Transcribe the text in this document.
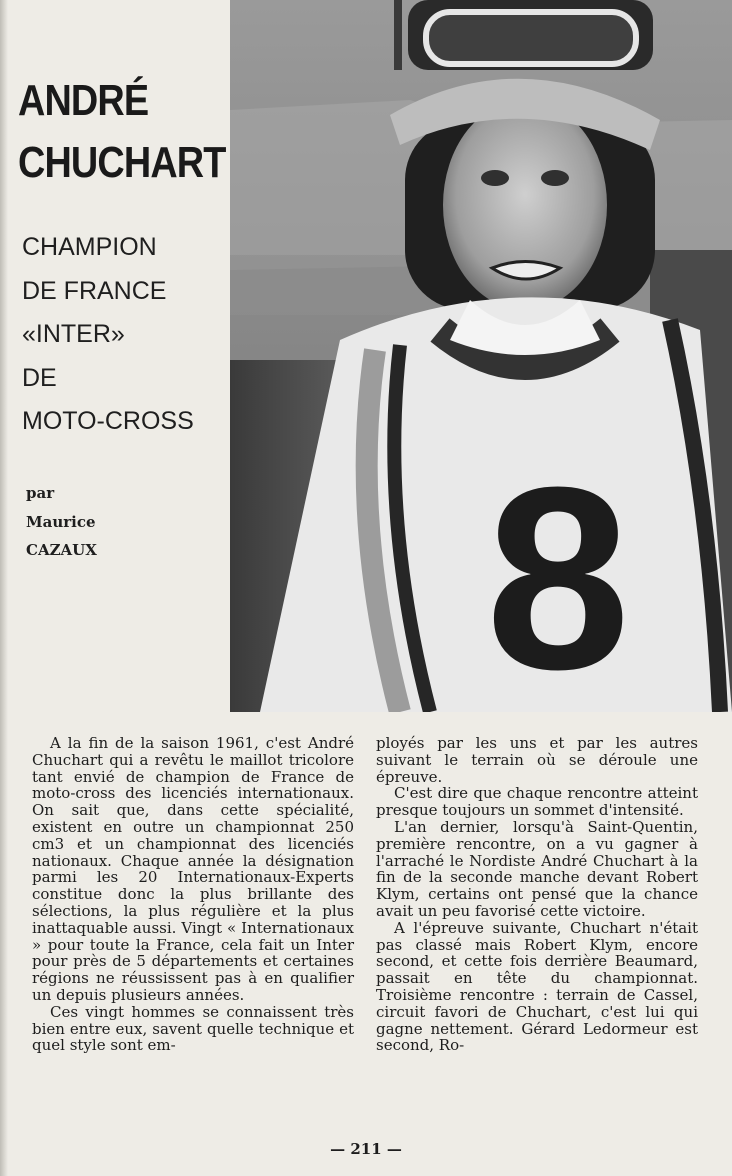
ANDRÉ
CHUCHART
CHAMPION
DE FRANCE
«INTER»
DE
MOTO-CROSS
par
Maurice
CAZAUX	8

A la fin de la saison 1961, c'est André Chuchart qui a revêtu le maillot tricolore tant envié de champion de France de moto-cross des licenciés internationaux. On sait que, dans cette spécialité, existent en outre un championnat 250 cm3 et un championnat des licenciés nationaux. Chaque année la désignation parmi les 20 Internationaux-Experts constitue donc la plus brillante des sélections, la plus régulière et la plus inattaquable aussi. Vingt « Internationaux » pour toute la France, cela fait un Inter pour près de 5 départements et certaines régions ne réussissent pas à en qualifier un depuis plusieurs années.

Ces vingt hommes se connaissent très bien entre eux, savent quelle technique et quel style sont em-

ployés par les uns et par les autres suivant le terrain où se déroule une épreuve.

C'est dire que chaque rencontre atteint presque toujours un sommet d'intensité.

L'an dernier, lorsqu'à Saint-Quentin, première rencontre, on a vu gagner à l'arraché le Nordiste André Chuchart à la fin de la seconde manche devant Robert Klym, certains ont pensé que la chance avait un peu favorisé cette victoire.

A l'épreuve suivante, Chuchart n'était pas classé mais Robert Klym, encore second, et cette fois derrière Beaumard, passait en tête du championnat. Troisième rencontre : terrain de Cassel, circuit favori de Chuchart, c'est lui qui gagne nettement. Gérard Ledormeur est second, Ro-

— 211 —
